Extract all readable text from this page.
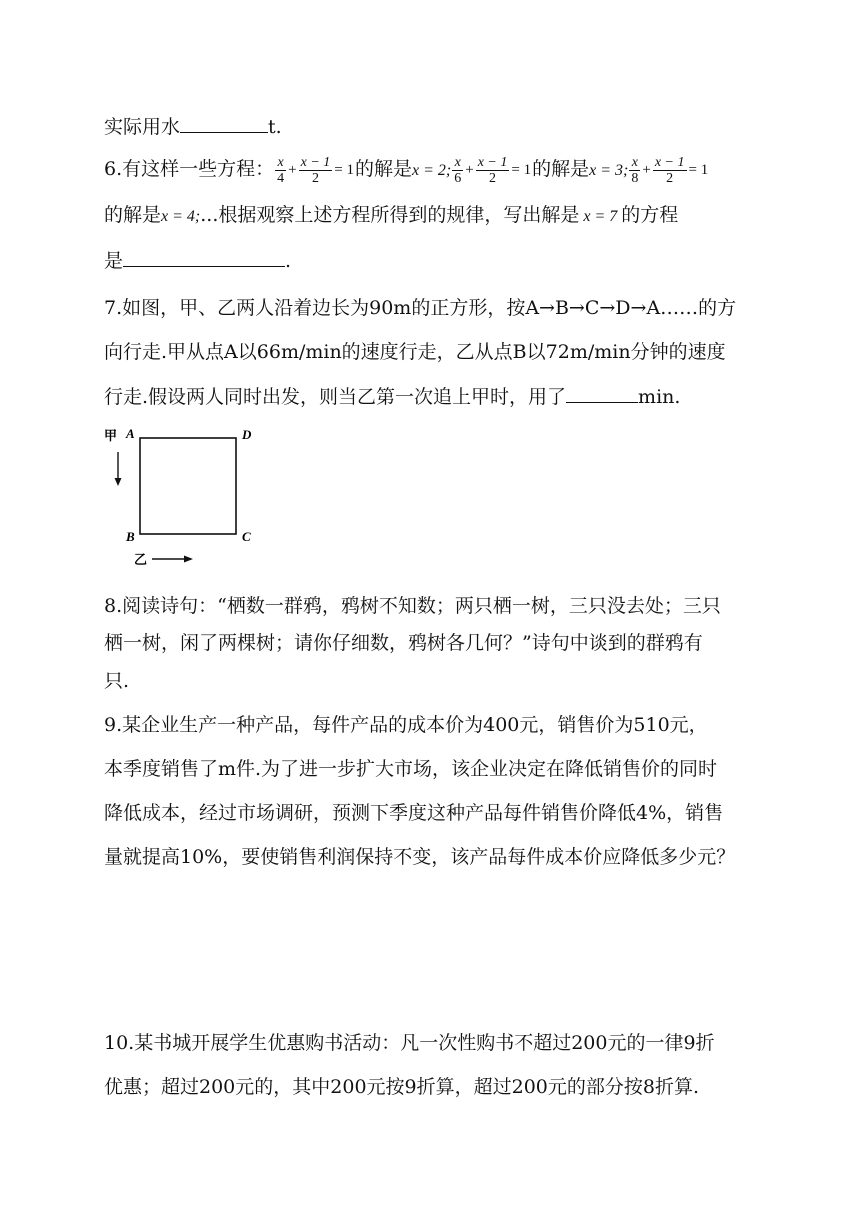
实际用水	t.
6.有这样一些方程： $\frac{x}{4} + \frac{x - 1}{2} = 1$的解是x = 2; $\frac{x}{6} + \frac{x - 1}{2} = 1$的解是x = 3; $\frac{x}{8} + \frac{x - 1}{2} = 1$
的解是x = 4;...根据观察上述方程所得到的规律，写出解是 x = 7 的方程
是	.
7.如图，甲、乙两人沿着边长为90m的正方形，按A→B→C→D→A……的方
向行走.甲从点A以66m/min的速度行走，乙从点B以72m/min分钟的速度
行走.假设两人同时出发，则当乙第一次追上甲时，用了	min.
甲 A	D
B	C
乙
8.阅读诗句：“栖数一群鸦，鸦树不知数；两只栖一树，三只没去处；三只
栖一树，闲了两棵树；请你仔细数，鸦树各几何？”诗句中谈到的群鸦有
只.
9.某企业生产一种产品，每件产品的成本价为400元，销售价为510元，
本季度销售了m件.为了进一步扩大市场，该企业决定在降低销售价的同时
降低成本，经过市场调研，预测下季度这种产品每件销售价降低4%，销售
量就提高10%，要使销售利润保持不变，该产品每件成本价应降低多少元？
10.某书城开展学生优惠购书活动：凡一次性购书不超过200元的一律9折
优惠；超过200元的，其中200元按9折算，超过200元的部分按8折算.
